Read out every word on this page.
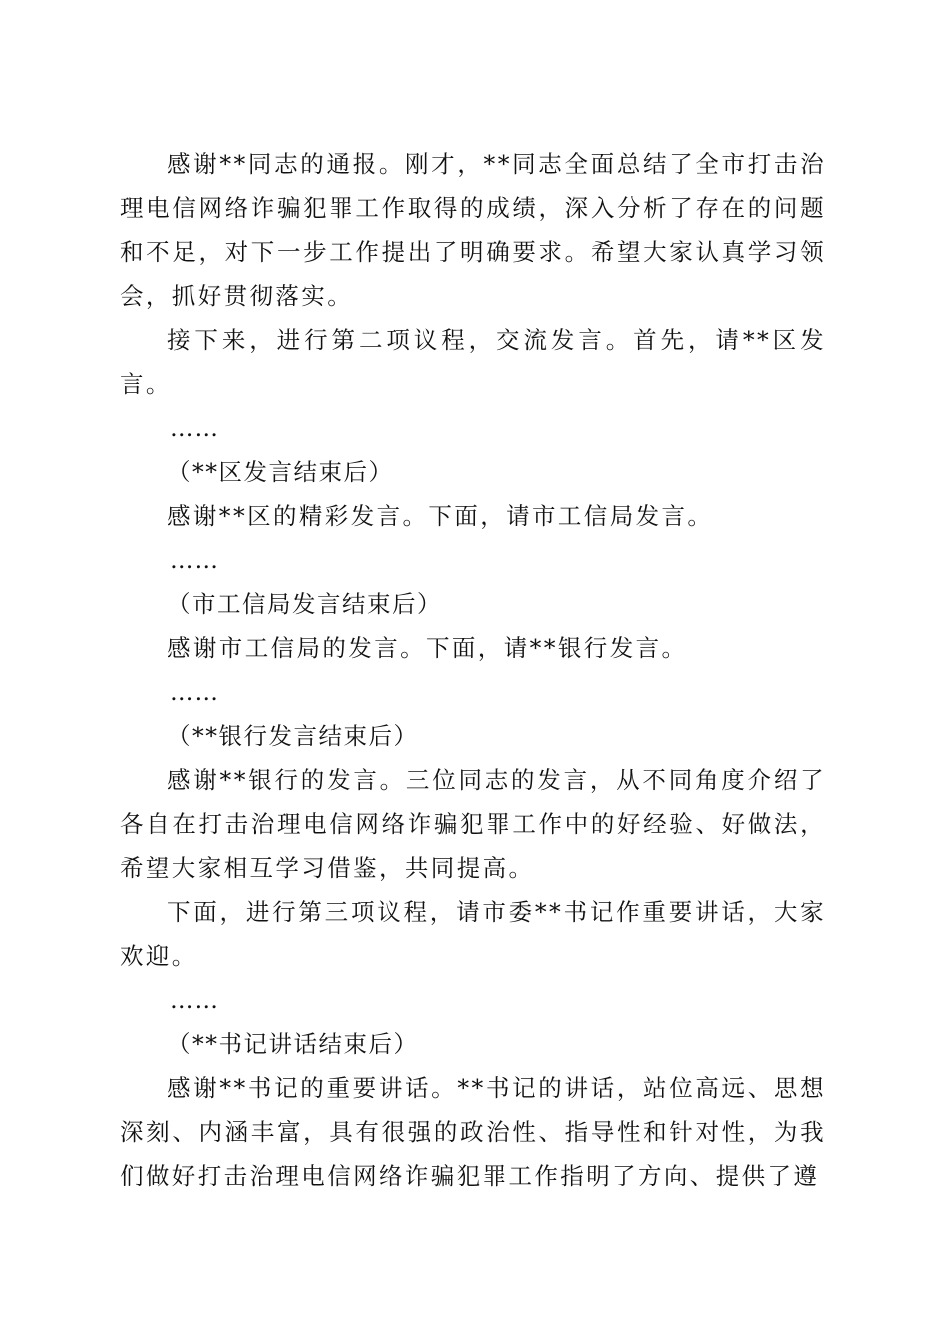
感谢**同志的通报。刚才，**同志全面总结了全市打击治理电信网络诈骗犯罪工作取得的成绩，深入分析了存在的问题和不足，对下一步工作提出了明确要求。希望大家认真学习领会，抓好贯彻落实。

接下来，进行第二项议程，交流发言。首先，请**区发言。

……

（**区发言结束后）

感谢**区的精彩发言。下面，请市工信局发言。

……

（市工信局发言结束后）

感谢市工信局的发言。下面，请**银行发言。

……

（**银行发言结束后）

感谢**银行的发言。三位同志的发言，从不同角度介绍了各自在打击治理电信网络诈骗犯罪工作中的好经验、好做法，希望大家相互学习借鉴，共同提高。

下面，进行第三项议程，请市委**书记作重要讲话，大家欢迎。

……

（**书记讲话结束后）

感谢**书记的重要讲话。**书记的讲话，站位高远、思想深刻、内涵丰富，具有很强的政治性、指导性和针对性，为我们做好打击治理电信网络诈骗犯罪工作指明了方向、提供了遵
